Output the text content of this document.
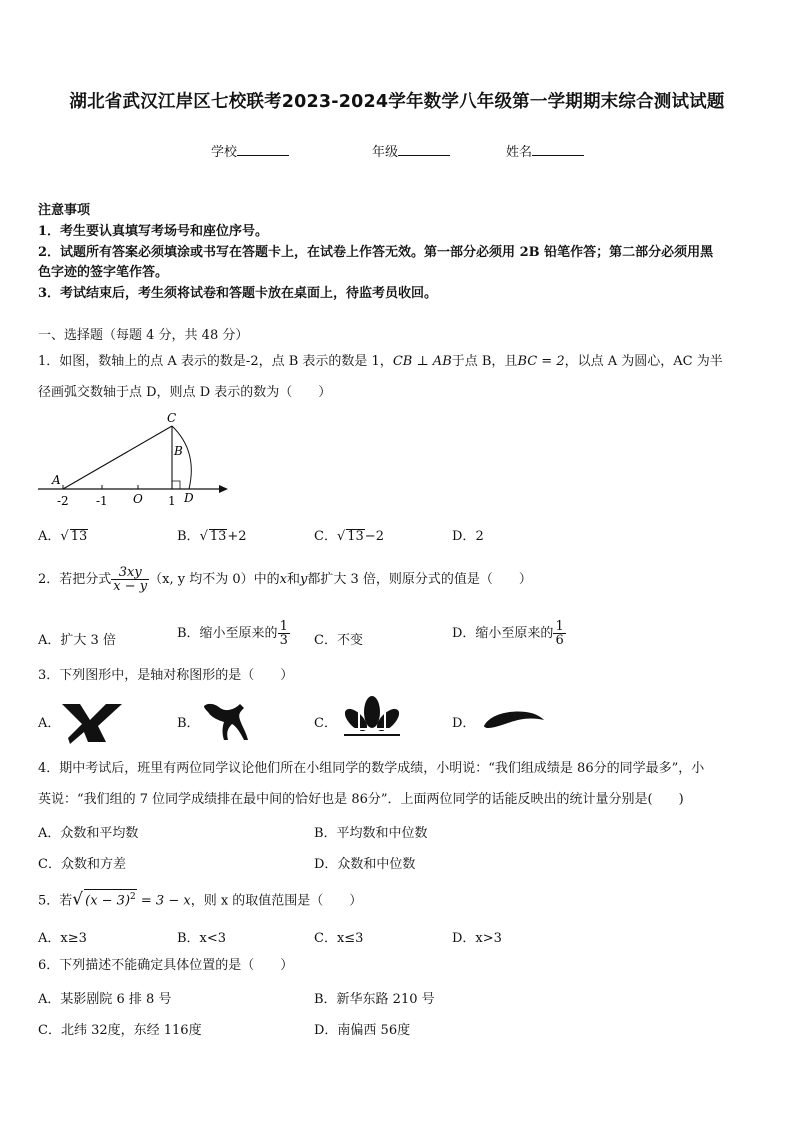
湖北省武汉江岸区七校联考2023-2024学年数学八年级第一学期期末综合测试试题
学校	年级	姓名
注意事项
1．考生要认真填写考场号和座位序号。
2．试题所有答案必须填涂或书写在答题卡上，在试卷上作答无效。第一部分必须用 2B 铅笔作答；第二部分必须用黑
色字迹的签字笔作答。
3．考试结束后，考生须将试卷和答题卡放在桌面上，待监考员收回。
一、选择题（每题 4 分，共 48 分）
1．如图，数轴上的点 A 表示的数是-2，点 B 表示的数是 1，CB ⊥ AB于点 B，且BC = 2，以点 A 为圆心，AC 为半
径画弧交数轴于点 D，则点 D 表示的数为（　　）
A
B
C
D
-2 -1 O 1
A．√ 13	B．√ 13+2	C．√ 13−2	D．2
2．若把分式 $\frac{3xy}{x - y} (x$, y 均不为 0）中的x和y都扩大 3 倍，则原分式的值是（　　）
A．扩大 3 倍	B．缩小至原来的 $\frac{1}{3}$ C．不变	D．缩小至原来的 $\frac{1}{6}$
3．下列图形中，是轴对称图形的是（　　）
A．	B．	C．	D．
4．期中考试后，班里有两位同学议论他们所在小组同学的数学成绩，小明说：“我们组成绩是 86分的同学最多”，小
英说：“我们组的 7 位同学成绩排在最中间的恰好也是 86分”．上面两位同学的话能反映出的统计量分别是(　　)
A．众数和平均数	B．平均数和中位数
C．众数和方差	D．众数和中位数
5．若√ $(x - 3)^2 = 3 - x$，则 x 的取值范围是（　　）
A．x≥3	B．x<3	C．x≤3	D．x>3
6．下列描述不能确定具体位置的是（　　）
A．某影剧院 6 排 8 号	B．新华东路 210 号
C．北纬 32度，东经 116度	D．南偏西 56度
